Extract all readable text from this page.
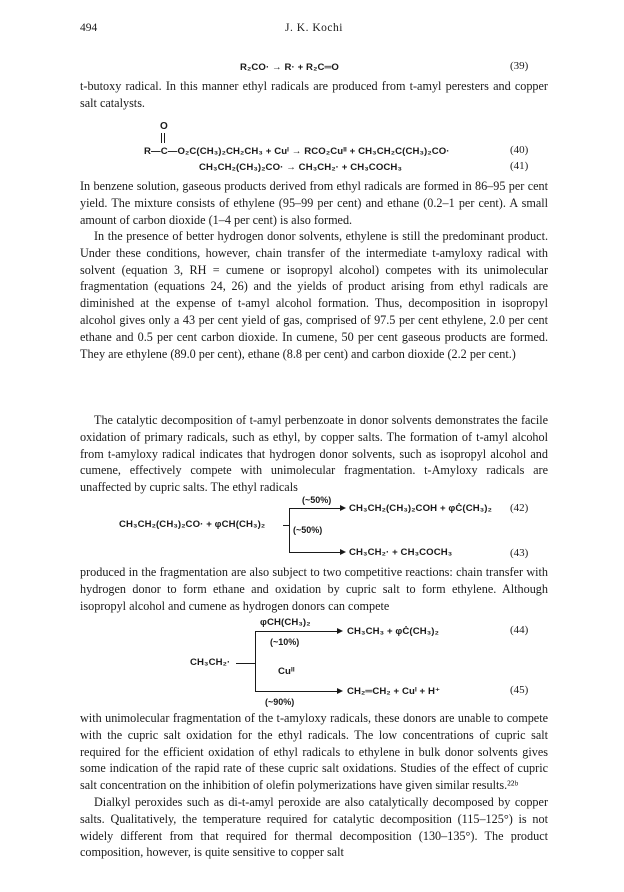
494	J. K. Kochi
R₂CO· → R· + R₂C═O	(39)

t-butoxy radical. In this manner ethyl radicals are produced from t-amyl peresters and copper salt catalysts.

O
R—C—O₂C(CH₃)₂CH₂CH₃ + Cuᴵ → RCO₂Cuᴵᴵ + CH₃CH₂C(CH₃)₂CO·	(40)
CH₃CH₂(CH₃)₂CO· → CH₃CH₂· + CH₃COCH₃	(41)

In benzene solution, gaseous products derived from ethyl radicals are formed in 86–95 per cent yield. The mixture consists of ethylene (95–99 per cent) and ethane (0.2–1 per cent). A small amount of carbon dioxide (1–4 per cent) is also formed.

In the presence of better hydrogen donor solvents, ethylene is still the predominant product. Under these conditions, however, chain transfer of the intermediate t-amyloxy radical with solvent (equation 3, RH = cumene or isopropyl alcohol) competes with its unimolecular fragmentation (equations 24, 26) and the yields of product arising from ethyl radicals are diminished at the expense of t-amyl alcohol formation. Thus, decomposition in isopropyl alcohol gives only a 43 per cent yield of gas, comprised of 97.5 per cent ethylene, 2.0 per cent ethane and 0.5 per cent carbon dioxide. In cumene, 50 per cent gaseous products are formed. They are ethylene (89.0 per cent), ethane (8.8 per cent) and carbon dioxide (2.2 per cent.)

The catalytic decomposition of t-amyl perbenzoate in donor solvents demonstrates the facile oxidation of primary radicals, such as ethyl, by copper salts. The formation of t-amyl alcohol from t-amyloxy radical indicates that hydrogen donor solvents, such as isopropyl alcohol and cumene, effectively compete with unimolecular fragmentation. t-Amyloxy radicals are unaffected by cupric salts. The ethyl radicals

(~50%)
CH₃CH₂(CH₃)₂CO· + φCH(CH₃)₂
CH₃CH₂(CH₃)₂COH + φĊ(CH₃)₂ (42)
(~50%)
CH₃CH₂· + CH₃COCH₃	(43)

produced in the fragmentation are also subject to two competitive reactions: chain transfer with hydrogen donor to form ethane and oxidation by cupric salt to form ethylene. Although isopropyl alcohol and cumene as hydrogen donors can compete

φCH(CH₃)₂
(~10%)
CH₃CH₂·
CH₃CH₃ + φĊ(CH₃)₂	(44)
Cuᴵᴵ
CH₂═CH₂ + Cuᴵ + H⁺	(45)
(~90%)

with unimolecular fragmentation of the t-amyloxy radicals, these donors are unable to compete with the cupric salt oxidation for the ethyl radicals. The low concentrations of cupric salt required for the efficient oxidation of ethyl radicals to ethylene in bulk donor solvents gives some indication of the rapid rate of these cupric salt oxidations. Studies of the effect of cupric salt concentration on the inhibition of olefin polymerizations have given similar results.²²ᵇ

Dialkyl peroxides such as di-t-amyl peroxide are also catalytically decomposed by copper salts. Qualitatively, the temperature required for catalytic decomposition (115–125°) is not widely different from that required for thermal decomposition (130–135°). The product composition, however, is quite sensitive to copper salt
